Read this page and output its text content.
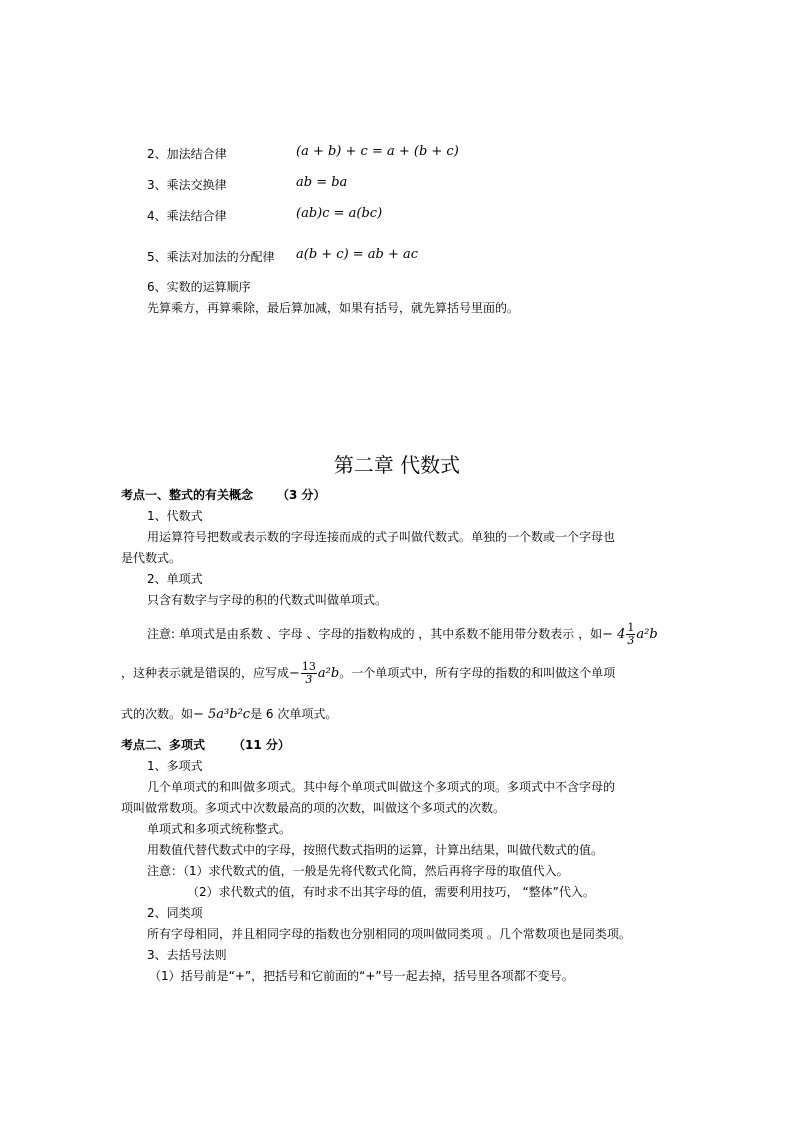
2、加法结合律	(a + b) + c = a + (b + c)
3、乘法交换律	ab = ba
4、乘法结合律	(ab)c = a(bc)
5、乘法对加法的分配律 a(b + c) = ab + ac
6、实数的运算顺序
先算乘方，再算乘除，最后算加减，如果有括号，就先算括号里面的。
第二章 代数式
考点一、整式的有关概念 （3 分）
1、代数式
用运算符号把数或表示数的字母连接而成的式子叫做代数式。单独的一个数或一个字母也
是代数式。
2、单项式
只含有数字与字母的积的代数式叫做单项式。
注意: 单项式是由系数 、字母 、字母的指数构成的 ，其中系数不能用带分数表示 ，如− $4 \frac{1}{3} a^2b$
，这种表示就是错误的，应写成− $\frac{13}{3} a^2b$。一个单项式中，所有字母的指数的和叫做这个单项
式的次数。如− 5a³b²c是 6 次单项式。
考点二、多项式 （11 分）
1、多项式
几个单项式的和叫做多项式。其中每个单项式叫做这个多项式的项。多项式中不含字母的
项叫做常数项。多项式中次数最高的项的次数，叫做这个多项式的次数。
单项式和多项式统称整式。
用数值代替代数式中的字母，按照代数式指明的运算，计算出结果，叫做代数式的值。
注意：（1）求代数式的值，一般是先将代数式化简，然后再将字母的取值代入。
（2）求代数式的值，有时求不出其字母的值，需要利用技巧， “整体”代入。
2、同类项
所有字母相同，并且相同字母的指数也分别相同的项叫做同类项 。几个常数项也是同类项。
3、去括号法则
（1）括号前是“+”，把括号和它前面的“+”号一起去掉，括号里各项都不变号。
